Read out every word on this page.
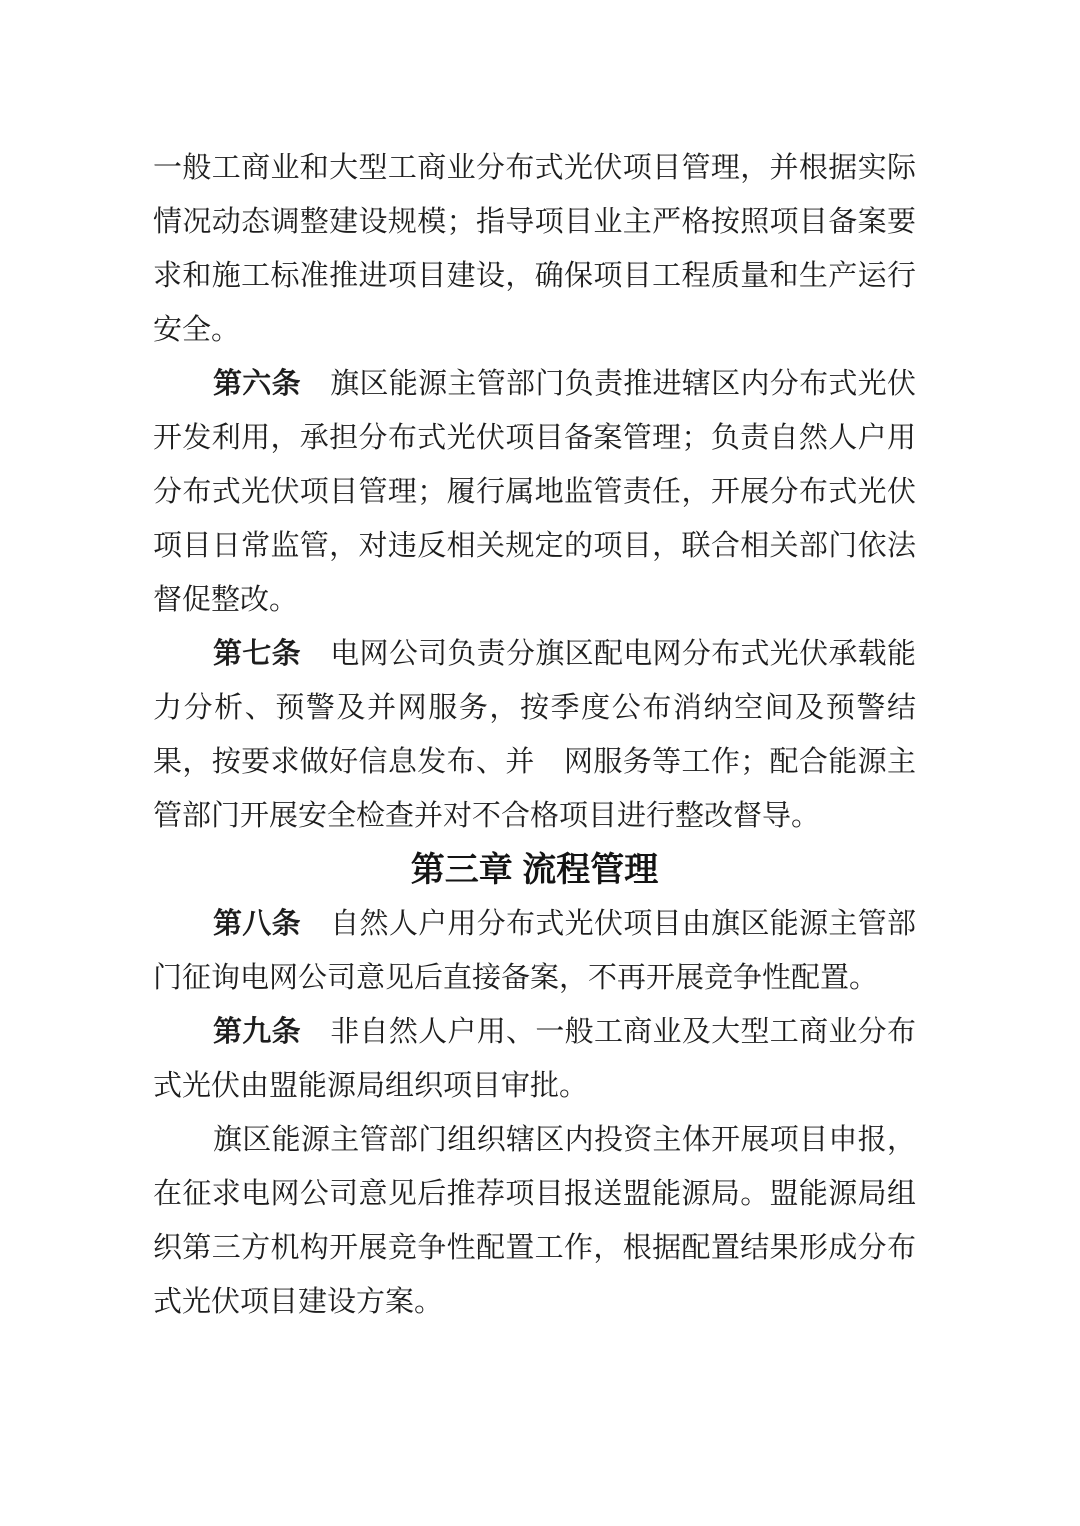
一般工商业和大型工商业分布式光伏项目管理，并根据实际情况动态调整建设规模；指导项目业主严格按照项目备案要求和施工标准推进项目建设，确保项目工程质量和生产运行安全。

第六条　旗区能源主管部门负责推进辖区内分布式光伏开发利用，承担分布式光伏项目备案管理；负责自然人户用分布式光伏项目管理；履行属地监管责任，开展分布式光伏项目日常监管，对违反相关规定的项目，联合相关部门依法督促整改。

第七条　电网公司负责分旗区配电网分布式光伏承载能力分析、预警及并网服务，按季度公布消纳空间及预警结果，按要求做好信息发布、并　网服务等工作；配合能源主管部门开展安全检查并对不合格项目进行整改督导。

第三章 流程管理

第八条　自然人户用分布式光伏项目由旗区能源主管部门征询电网公司意见后直接备案，不再开展竞争性配置。

第九条　非自然人户用、一般工商业及大型工商业分布式光伏由盟能源局组织项目审批。

旗区能源主管部门组织辖区内投资主体开展项目申报，在征求电网公司意见后推荐项目报送盟能源局。盟能源局组织第三方机构开展竞争性配置工作，根据配置结果形成分布式光伏项目建设方案。
